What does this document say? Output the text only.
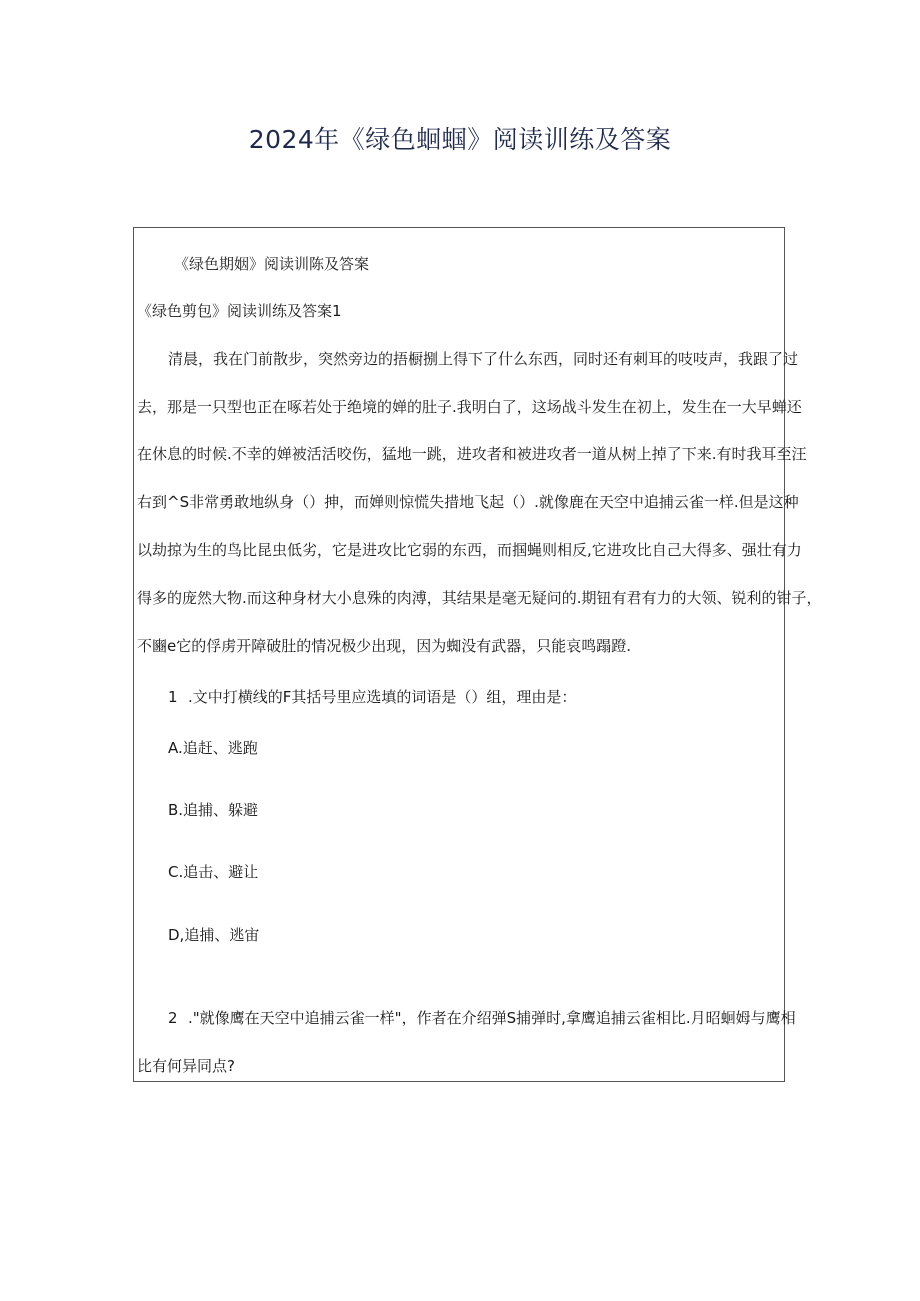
2024年《绿色蛔蝈》阅读训练及答案
《绿色期姻》阅读训陈及答案
《绿色剪包》阅读训练及答案1
清晨，我在门前散步，突然旁边的捂橱捌上得下了什么东西，同时还有刺耳的吱吱声，我跟了过
去，那是一只型也正在啄若处于绝境的婵的肚子.我明白了，这场战斗发生在初上，发生在一大早蝉还
在休息的时候.不幸的婵被活活咬伤，猛地一跳，进攻者和被进攻者一道从树上掉了下来.有时我耳至汪
右到^S非常勇敢地纵身（）抻，而婵则惊慌失措地飞起（）.就像鹿在天空中追捕云雀一样.但是这种
以劫掠为生的鸟比昆虫低劣，它是进攻比它弱的东西，而掴蝇则相反,它进攻比自己大得多、强壮有力
得多的庞然大物.而这种身材大小息殊的肉溥，其结果是毫无疑问的.期钮有君有力的大领、锐利的钳子，
不豳e它的俘虏开障破肚的情况极少出现，因为蜘没有武器，只能哀鸣蹋蹬.
1 .文中打横线的F其括号里应选填的词语是（）组，理由是：
A.追赶、逃跑
B.追捕、躲避
C.追击、避让
D,追捕、逃宙
2 ."就像鹰在天空中追捕云雀一样"，作者在介绍弹S捕弹时,拿鹰追捕云雀相比.月昭蛔姆与鹰相
比有何异同点?
